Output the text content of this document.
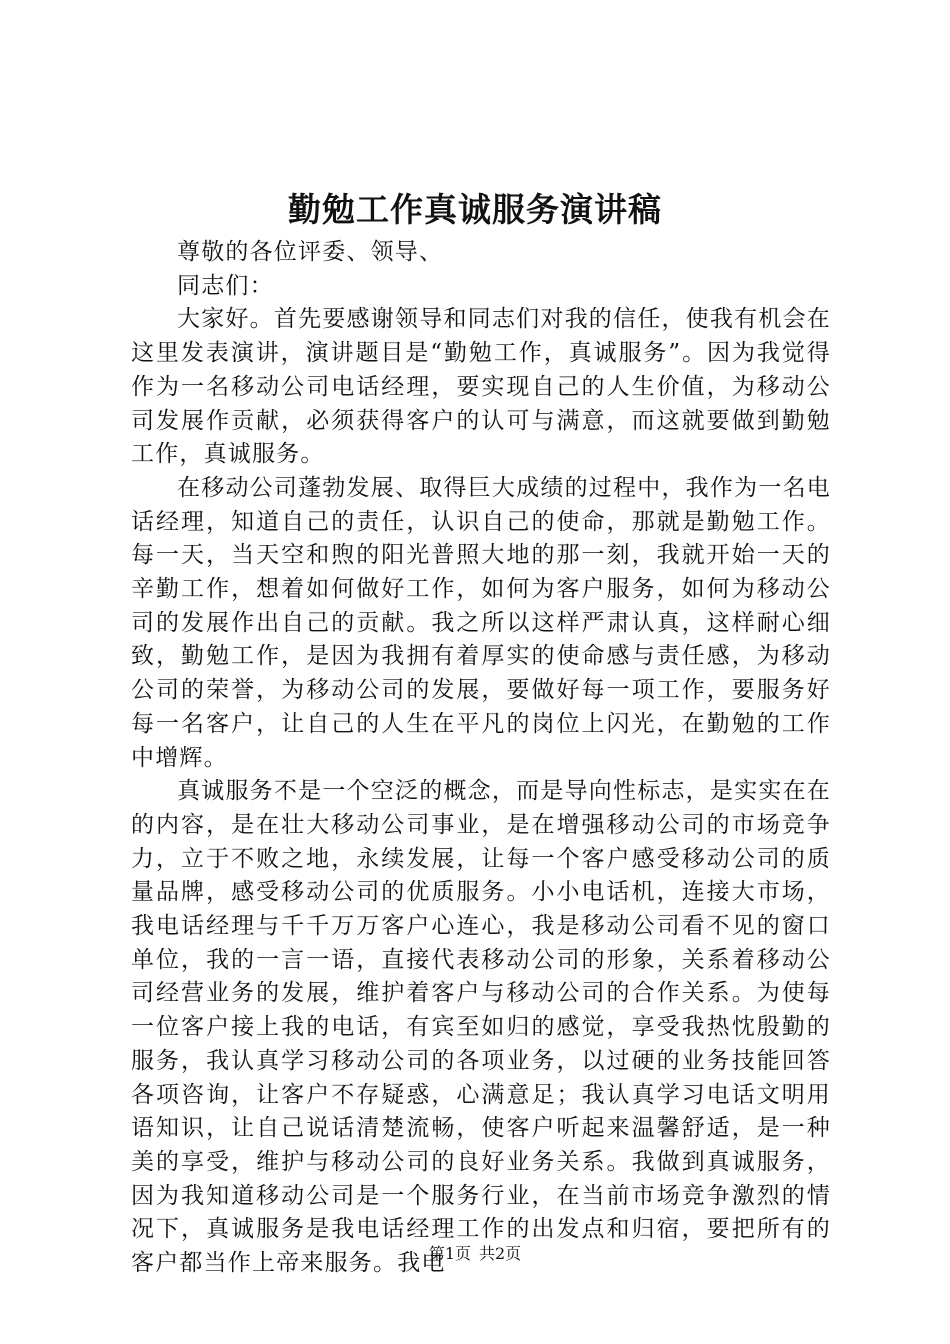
勤勉工作真诚服务演讲稿

尊敬的各位评委、领导、

同志们：

大家好。首先要感谢领导和同志们对我的信任，使我有机会在这里发表演讲，演讲题目是“勤勉工作，真诚服务”。因为我觉得作为一名移动公司电话经理，要实现自己的人生价值，为移动公司发展作贡献，必须获得客户的认可与满意，而这就要做到勤勉工作，真诚服务。

在移动公司蓬勃发展、取得巨大成绩的过程中，我作为一名电话经理，知道自己的责任，认识自己的使命，那就是勤勉工作。每一天，当天空和煦的阳光普照大地的那一刻，我就开始一天的辛勤工作，想着如何做好工作，如何为客户服务，如何为移动公司的发展作出自己的贡献。我之所以这样严肃认真，这样耐心细致，勤勉工作，是因为我拥有着厚实的使命感与责任感，为移动公司的荣誉，为移动公司的发展，要做好每一项工作，要服务好每一名客户，让自己的人生在平凡的岗位上闪光，在勤勉的工作中增辉。

真诚服务不是一个空泛的概念，而是导向性标志，是实实在在的内容，是在壮大移动公司事业，是在增强移动公司的市场竞争力，立于不败之地，永续发展，让每一个客户感受移动公司的质量品牌，感受移动公司的优质服务。小小电话机，连接大市场，我电话经理与千千万万客户心连心，我是移动公司看不见的窗口单位，我的一言一语，直接代表移动公司的形象，关系着移动公司经营业务的发展，维护着客户与移动公司的合作关系。为使每一位客户接上我的电话，有宾至如归的感觉，享受我热忱殷勤的服务，我认真学习移动公司的各项业务，以过硬的业务技能回答各项咨询，让客户不存疑惑，心满意足；我认真学习电话文明用语知识，让自己说话清楚流畅，使客户听起来温馨舒适，是一种美的享受，维护与移动公司的良好业务关系。我做到真诚服务，因为我知道移动公司是一个服务行业，在当前市场竞争激烈的情况下，真诚服务是我电话经理工作的出发点和归宿，要把所有的客户都当作上帝来服务。我电

第1页 共2页
